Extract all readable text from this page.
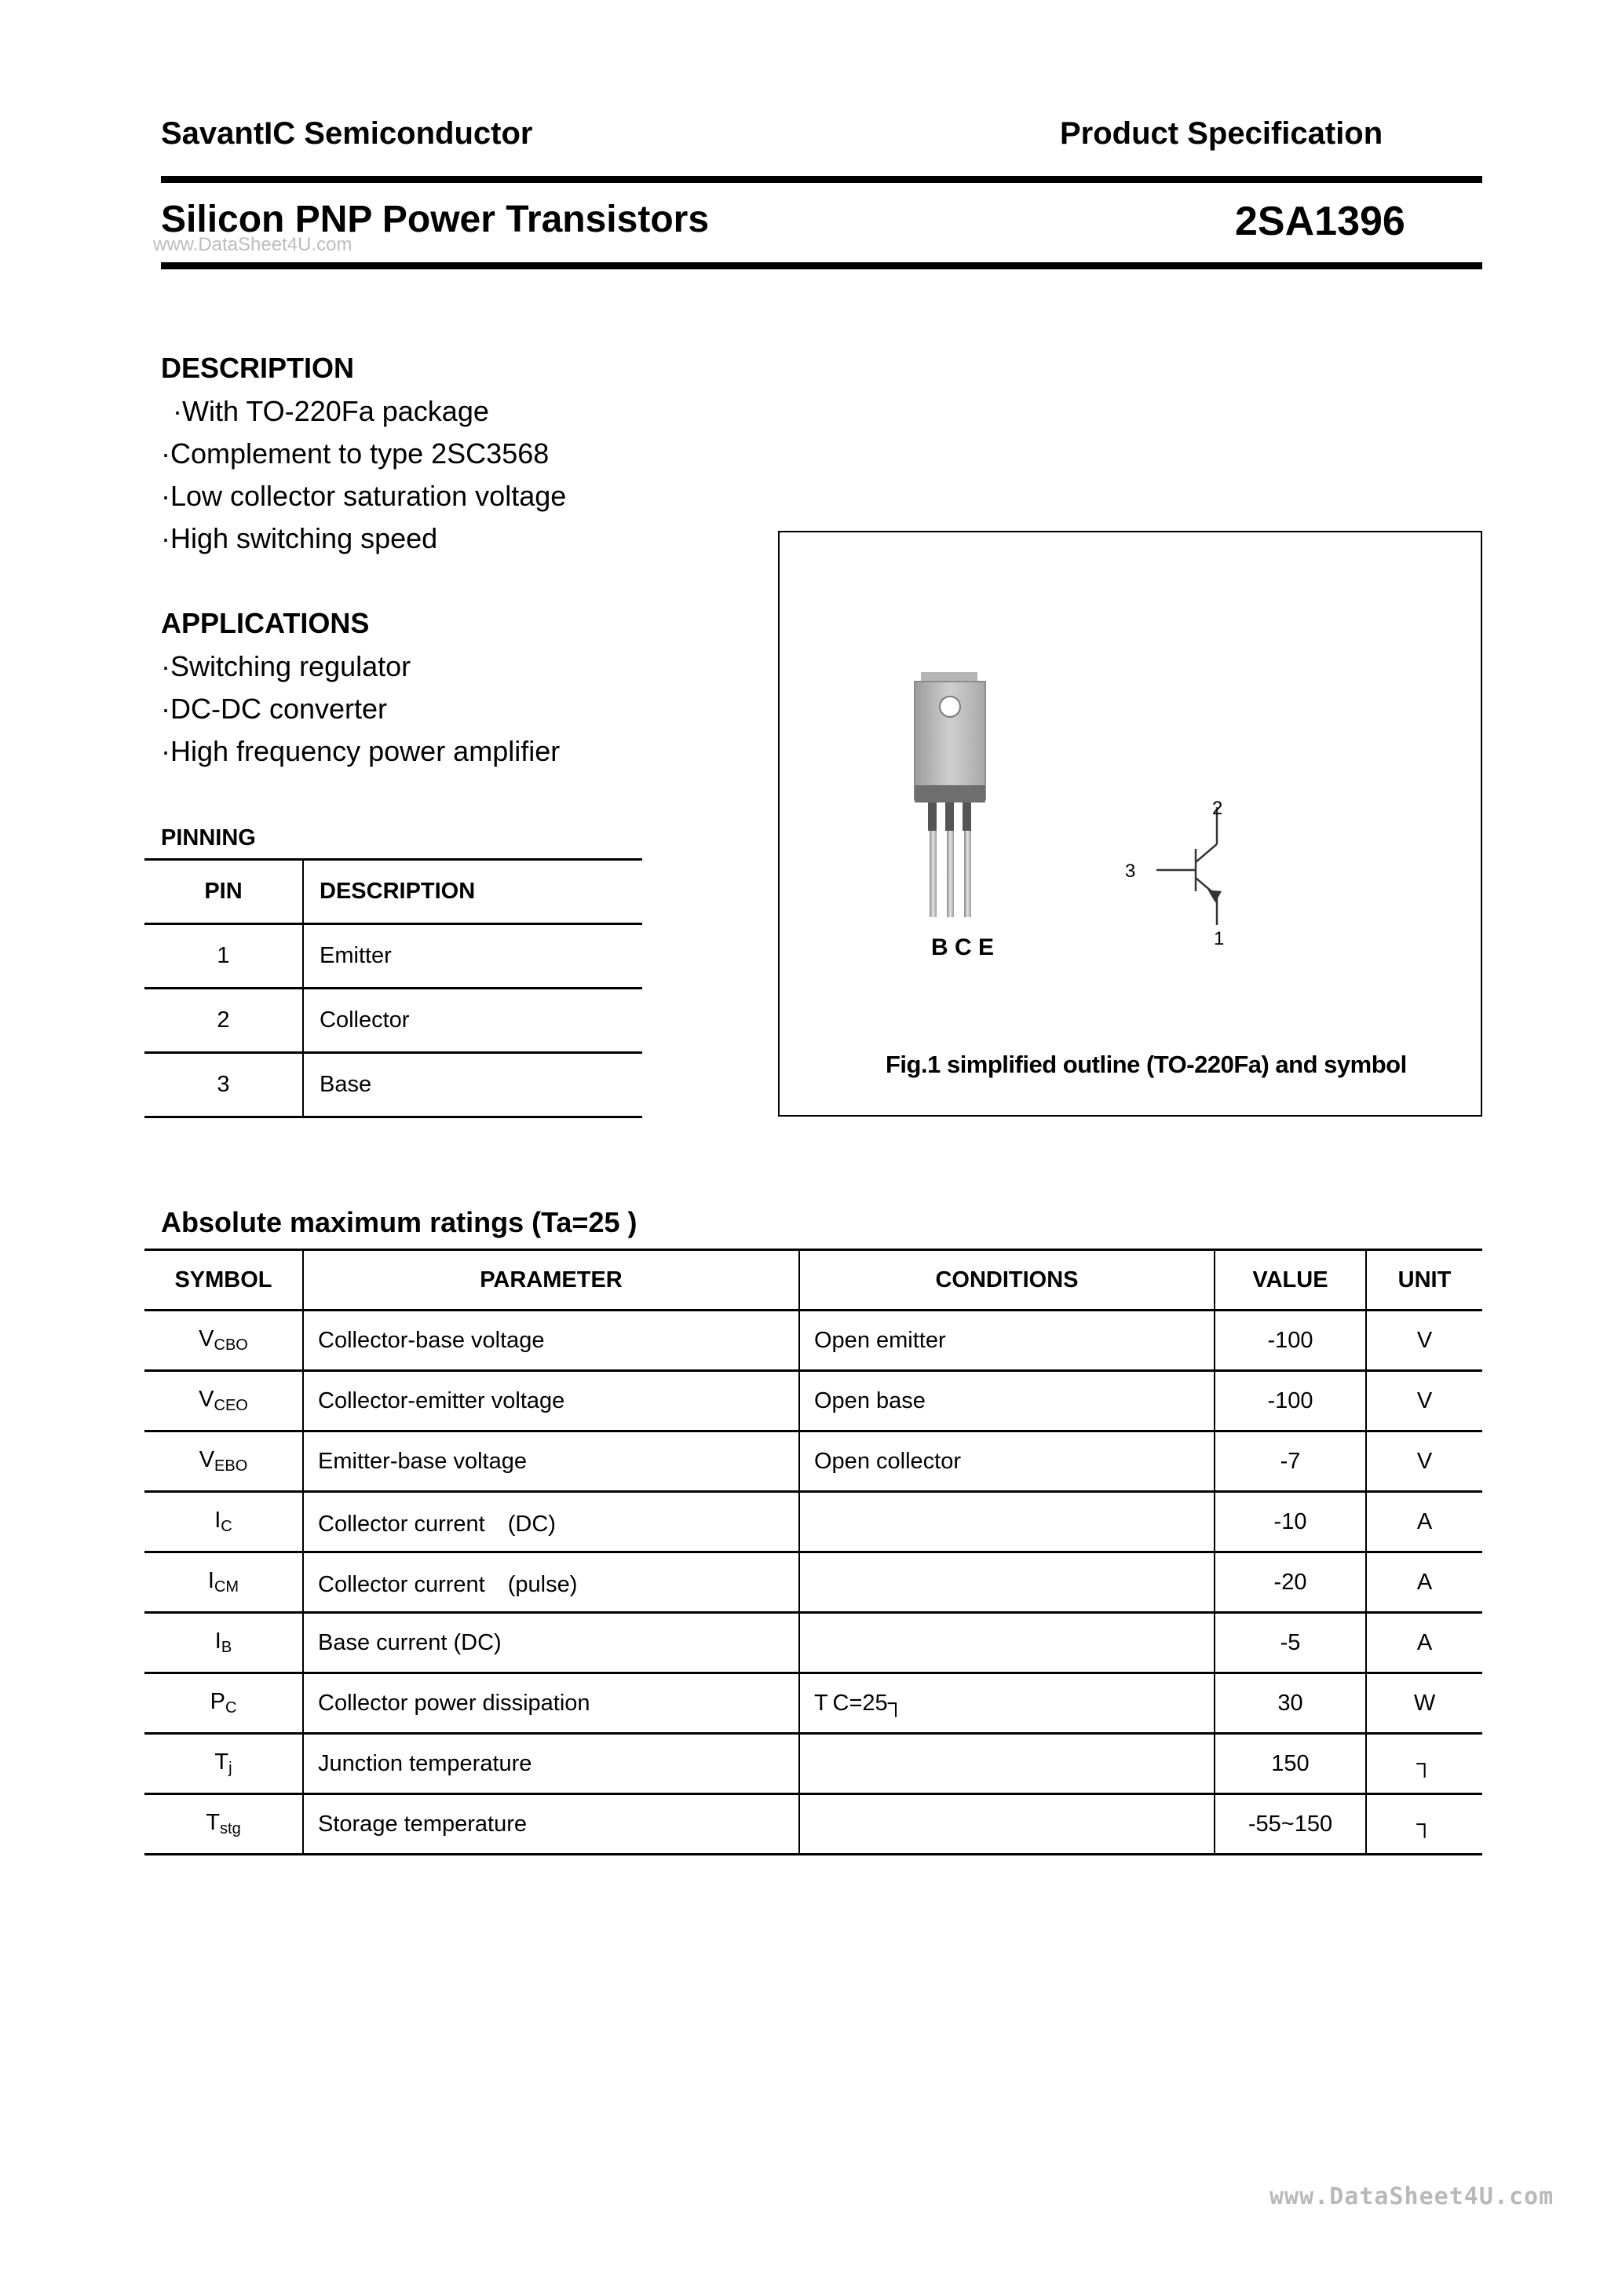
SavantIC Semiconductor	Product Specification
Silicon PNP Power Transistors	2SA1396
www.DataSheet4U.com
DESCRIPTION
·With TO-220Fa package
·Complement to type 2SC3568
·Low collector saturation voltage
·High switching speed
APPLICATIONS
·Switching regulator
·DC-DC converter
·High frequency power amplifier
PINNING
PIN	DESCRIPTION
1	Emitter
2	Collector
3	Base
B C E
2
3
1
Fig.1 simplified outline (TO-220Fa) and symbol
Absolute maximum ratings (Ta=25 )
SYMBOL	PARAMETER	CONDITIONS	VALUE	UNIT
VCBO	Collector-base voltage	Open emitter	-100	V
VCEO	Collector-emitter voltage	Open base	-100	V
VEBO	Emitter-base voltage	Open collector	-7	V
IC	Collector current　(DC)		-10	A
ICM	Collector current　(pulse)		-20	A
IB	Base current (DC)		-5	A
PC	Collector power dissipation	T C=25┐	30	W
Tj	Junction temperature		150	┐
Tstg	Storage temperature		-55~150	┐
www.DataSheet4U.com
